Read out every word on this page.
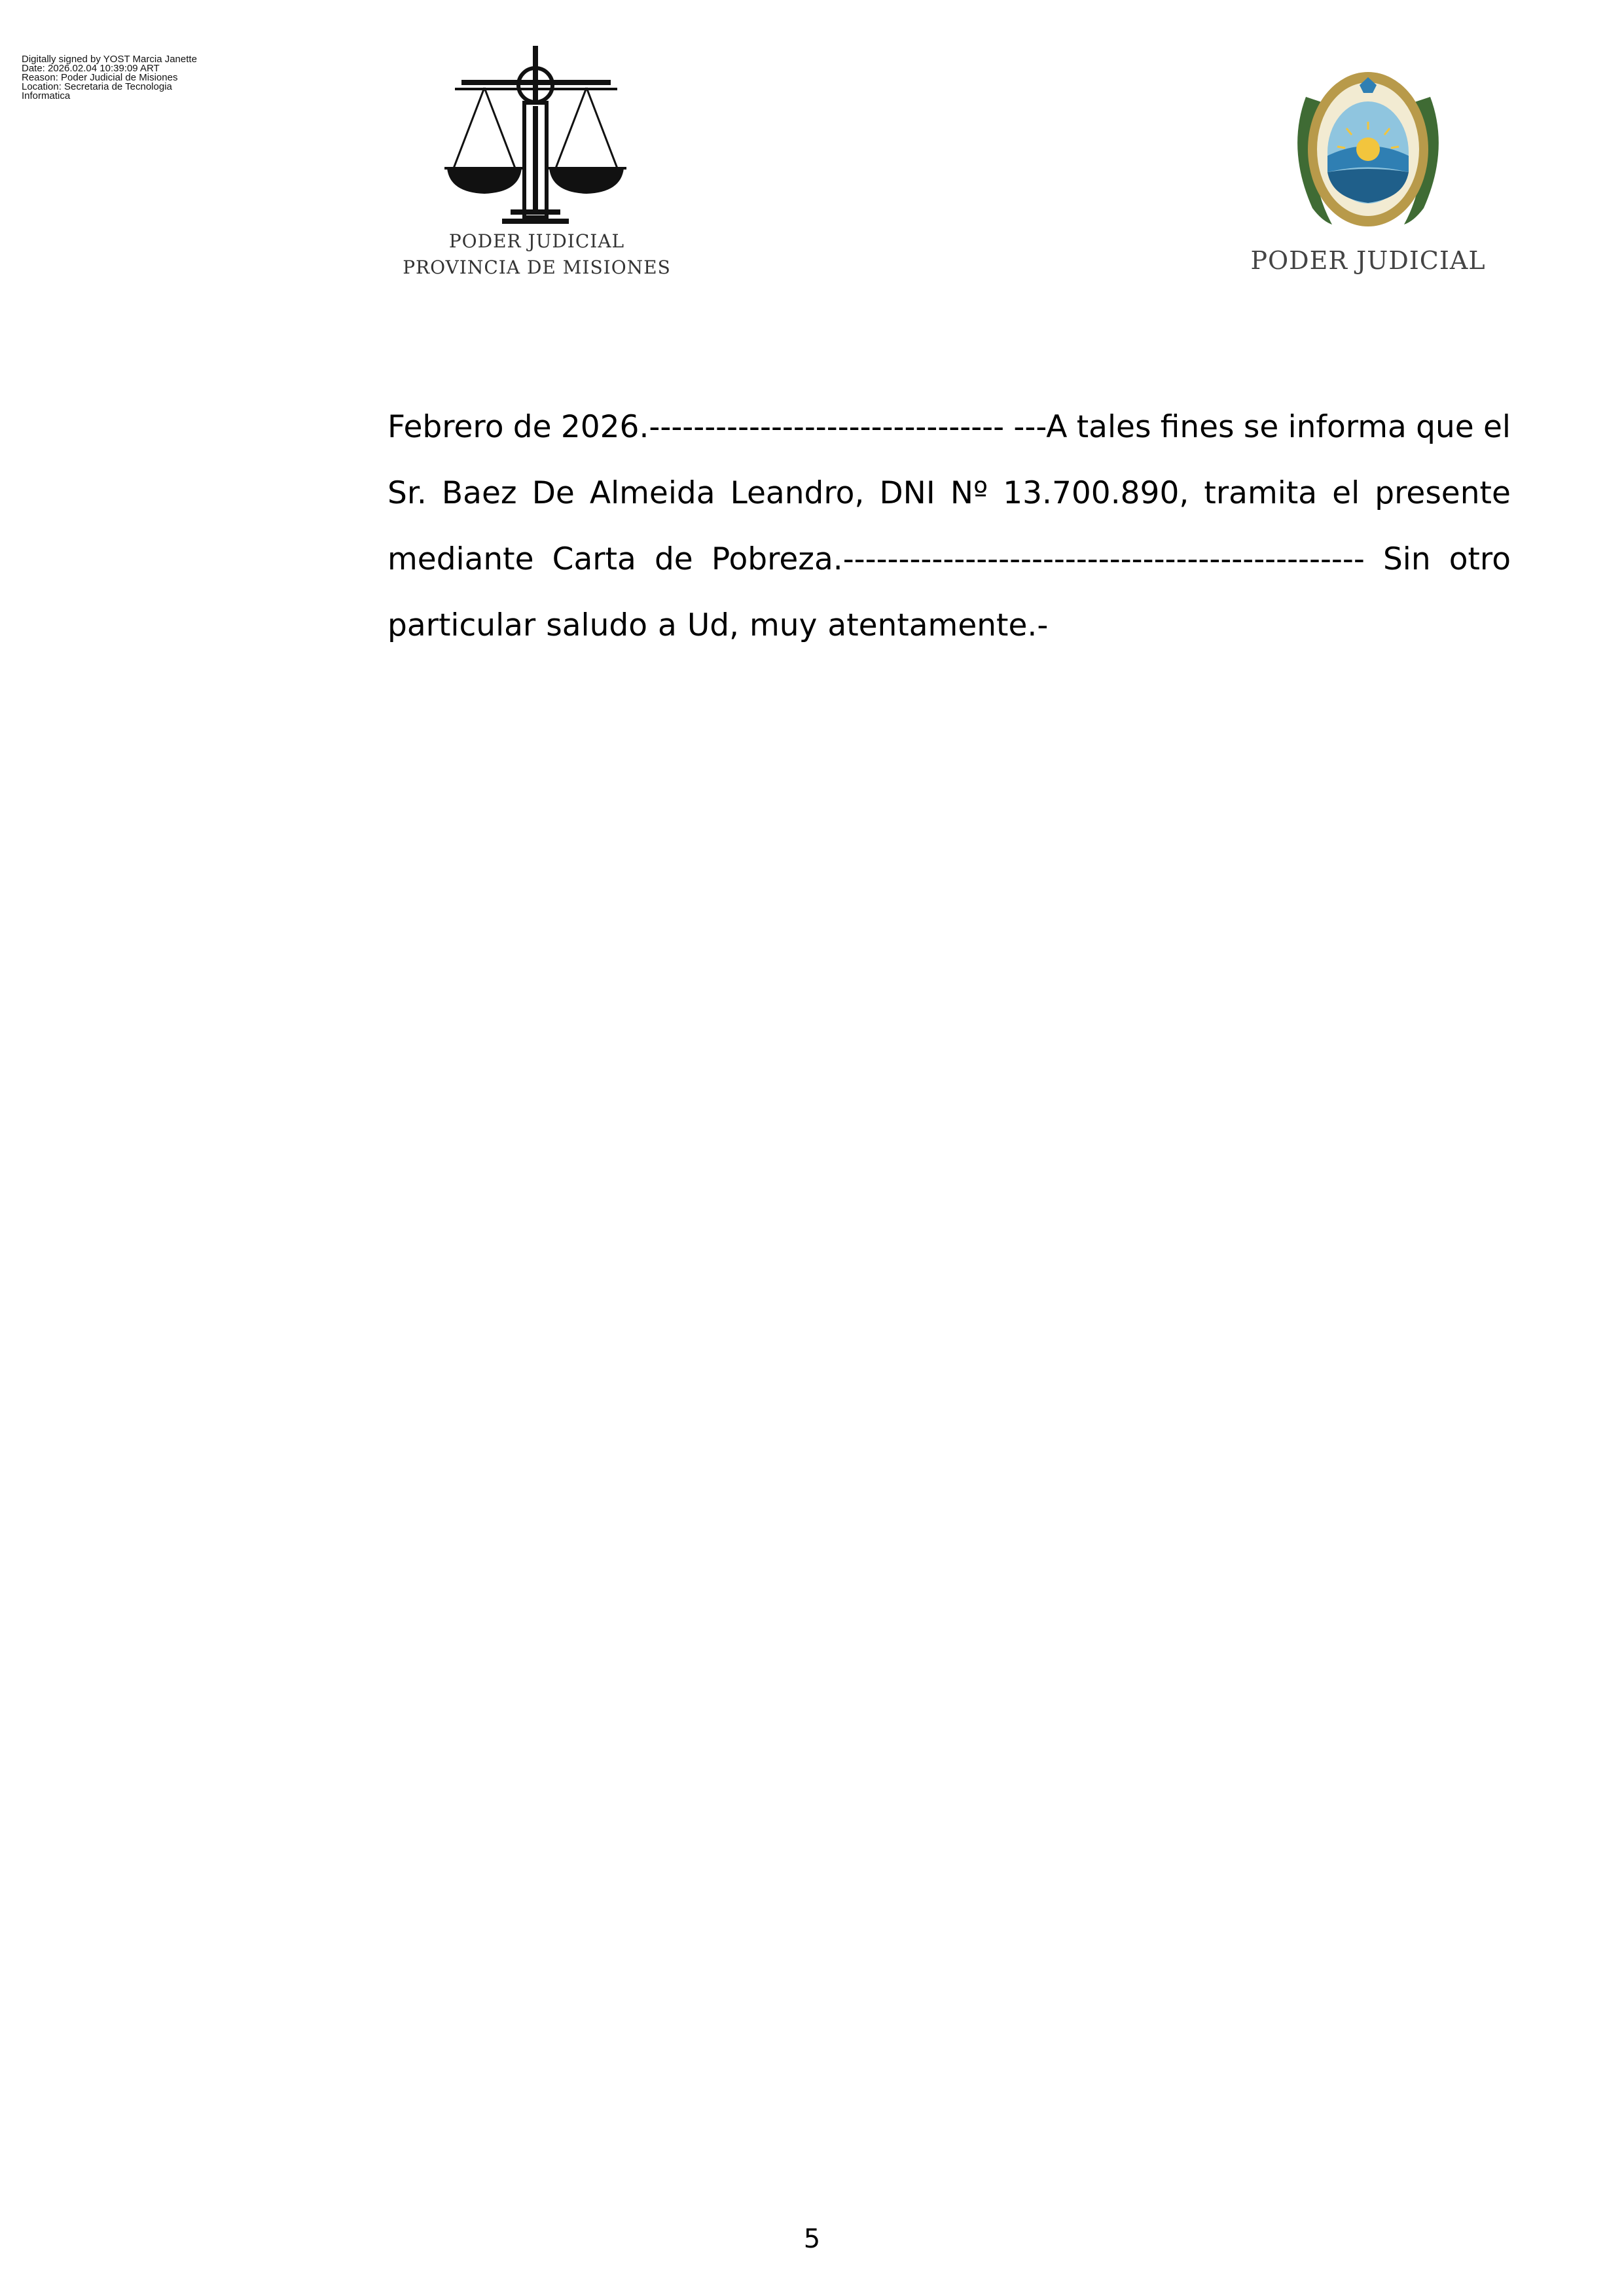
Digitally signed by YOST Marcia Janette
Date: 2026.02.04 10:39:09 ART
Reason: Poder Judicial de Misiones
Location: Secretaria de Tecnologia
Informatica
PODER JUDICIAL
PROVINCIA DE MISIONES	PODER JUDICIAL
Febrero de 2026.-------------------------------- ---A tales fines se informa que el
Sr. Baez De Almeida Leandro, DNI Nº 13.700.890, tramita el presente
mediante Carta de Pobreza.----------------------------------------------- Sin otro
particular saludo a Ud, muy atentamente.-
5
